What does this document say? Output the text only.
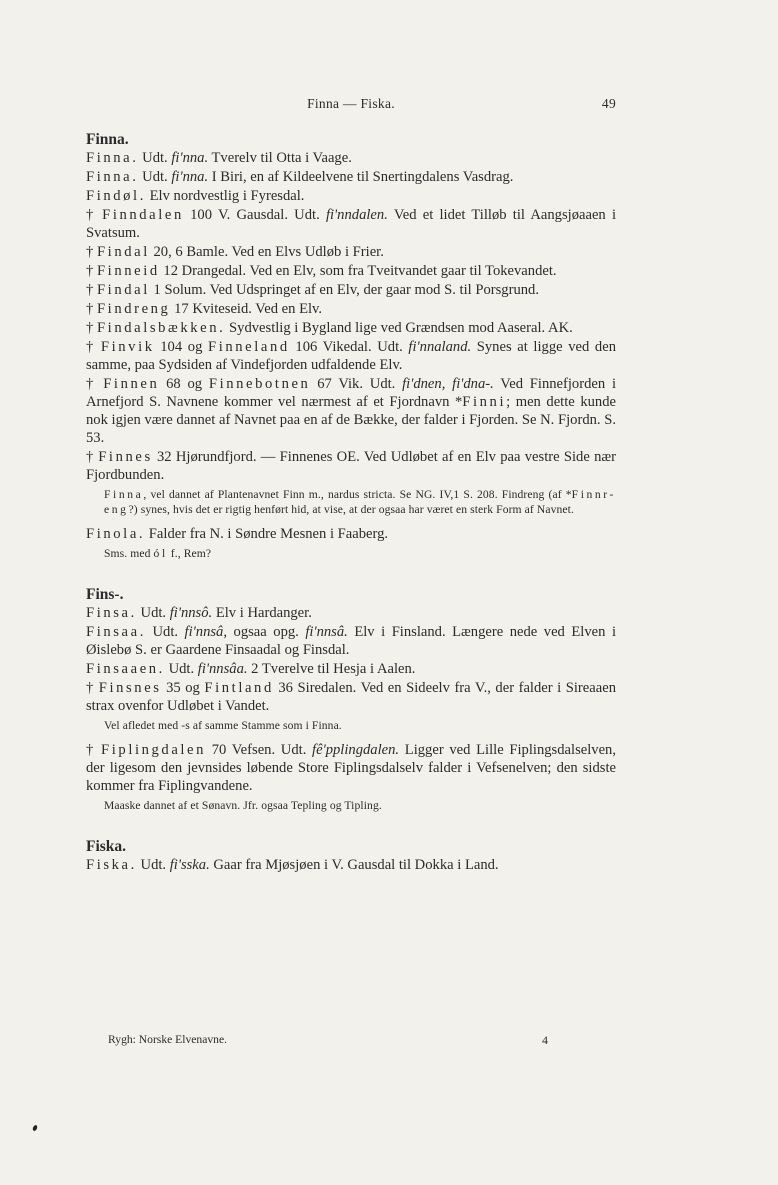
Finna — Fiska.	49
Finna.
Finna. Udt. fi'nna. Tverelv til Otta i Vaage.
Finna. Udt. fi'nna. I Biri, en af Kildeelvene til Snertingdalens Vasdrag.
Findøl. Elv nordvestlig i Fyresdal.
† Finndalen 100 V. Gausdal. Udt. fi'nndalen. Ved et lidet Tilløb til Aangsjøaaen i Svatsum.
† Findal 20, 6 Bamle. Ved en Elvs Udløb i Frier.
† Finneid 12 Drangedal. Ved en Elv, som fra Tveitvandet gaar til Tokevandet.
† Findal 1 Solum. Ved Udspringet af en Elv, der gaar mod S. til Porsgrund.
† Findreng 17 Kviteseid. Ved en Elv.
† Findalsbækken. Sydvestlig i Bygland lige ved Grændsen mod Aaseral. AK.
† Finvik 104 og Finneland 106 Vikedal. Udt. fi'nnaland. Synes at ligge ved den samme, paa Sydsiden af Vindefjorden udfaldende Elv.
† Finnen 68 og Finnebotnen 67 Vik. Udt. fi'dnen, fi'dna-. Ved Finnefjorden i Arnefjord S. Navnene kommer vel nærmest af et Fjordnavn *Finni; men dette kunde nok igjen være dannet af Navnet paa en af de Bække, der falder i Fjorden. Se N. Fjordn. S. 53.
† Finnes 32 Hjørundfjord. — Finnenes OE. Ved Udløbet af en Elv paa vestre Side nær Fjordbunden.
Finna, vel dannet af Plantenavnet Finn m., nardus stricta. Se NG. IV,1 S. 208. Findreng (af *Finnr-eng?) synes, hvis det er rigtig henført hid, at vise, at der ogsaa har været en sterk Form af Navnet.
Finola. Falder fra N. i Søndre Mesnen i Faaberg.
Sms. med ól f., Rem?
Fins-.
Finsa. Udt. fi'nnsô. Elv i Hardanger.
Finsaa. Udt. fi'nnsâ, ogsaa opg. fi'nnsâ. Elv i Finsland. Længere nede ved Elven i Øislebø S. er Gaardene Finsaadal og Finsdal.
Finsaaen. Udt. fi'nnsâa. 2 Tverelve til Hesja i Aalen.
† Finsnes 35 og Fintland 36 Siredalen. Ved en Sideelv fra V., der falder i Sireaaen strax ovenfor Udløbet i Vandet.
Vel afledet med -s af samme Stamme som i Finna.
† Fiplingdalen 70 Vefsen. Udt. fê'pplingdalen. Ligger ved Lille Fiplingsdalselven, der ligesom den jevnsides løbende Store Fiplingsdalselv falder i Vefsenelven; den sidste kommer fra Fiplingvandene.
Maaske dannet af et Sønavn. Jfr. ogsaa Tepling og Tipling.
Fiska.
Fiska. Udt. fi'sska. Gaar fra Mjøsjøen i V. Gausdal til Dokka i Land.
Rygh: Norske Elvenavne.	4
